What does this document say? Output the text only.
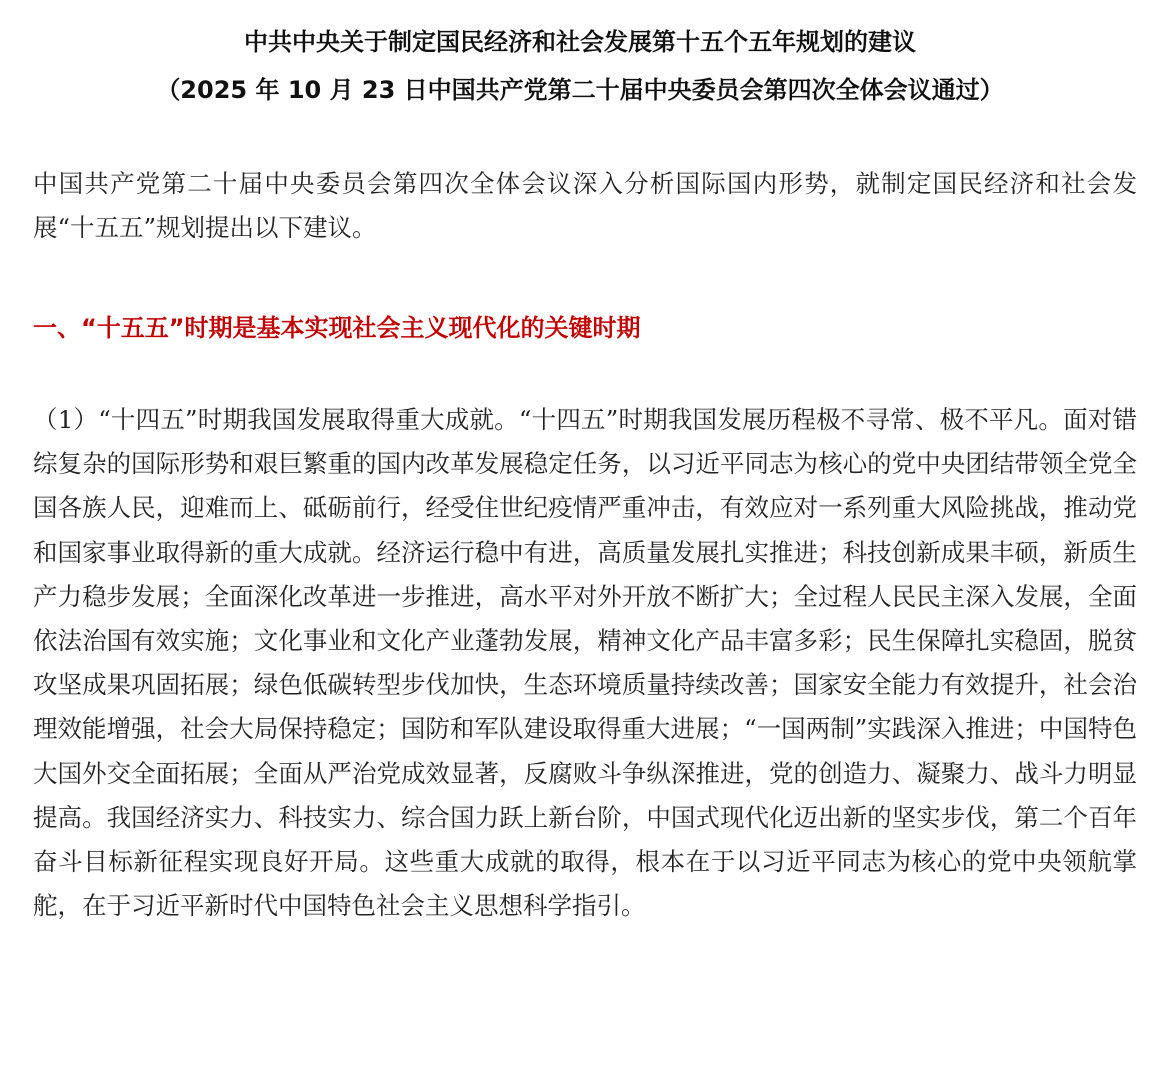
中共中央关于制定国民经济和社会发展第十五个五年规划的建议
（2025 年 10 月 23 日中国共产党第二十届中央委员会第四次全体会议通过）

中国共产党第二十届中央委员会第四次全体会议深入分析国际国内形势，就制定国民经济和社会发展“十五五”规划提出以下建议。

一、“十五五”时期是基本实现社会主义现代化的关键时期

（1）“十四五”时期我国发展取得重大成就。“十四五”时期我国发展历程极不寻常、极不平凡。面对错综复杂的国际形势和艰巨繁重的国内改革发展稳定任务，以习近平同志为核心的党中央团结带领全党全国各族人民，迎难而上、砥砺前行，经受住世纪疫情严重冲击，有效应对一系列重大风险挑战，推动党和国家事业取得新的重大成就。经济运行稳中有进，高质量发展扎实推进；科技创新成果丰硕，新质生产力稳步发展；全面深化改革进一步推进，高水平对外开放不断扩大；全过程人民民主深入发展，全面依法治国有效实施；文化事业和文化产业蓬勃发展，精神文化产品丰富多彩；民生保障扎实稳固，脱贫攻坚成果巩固拓展；绿色低碳转型步伐加快，生态环境质量持续改善；国家安全能力有效提升，社会治理效能增强，社会大局保持稳定；国防和军队建设取得重大进展；“一国两制”实践深入推进；中国特色大国外交全面拓展；全面从严治党成效显著，反腐败斗争纵深推进，党的创造力、凝聚力、战斗力明显提高。我国经济实力、科技实力、综合国力跃上新台阶，中国式现代化迈出新的坚实步伐，第二个百年奋斗目标新征程实现良好开局。这些重大成就的取得，根本在于以习近平同志为核心的党中央领航掌舵，在于习近平新时代中国特色社会主义思想科学指引。
